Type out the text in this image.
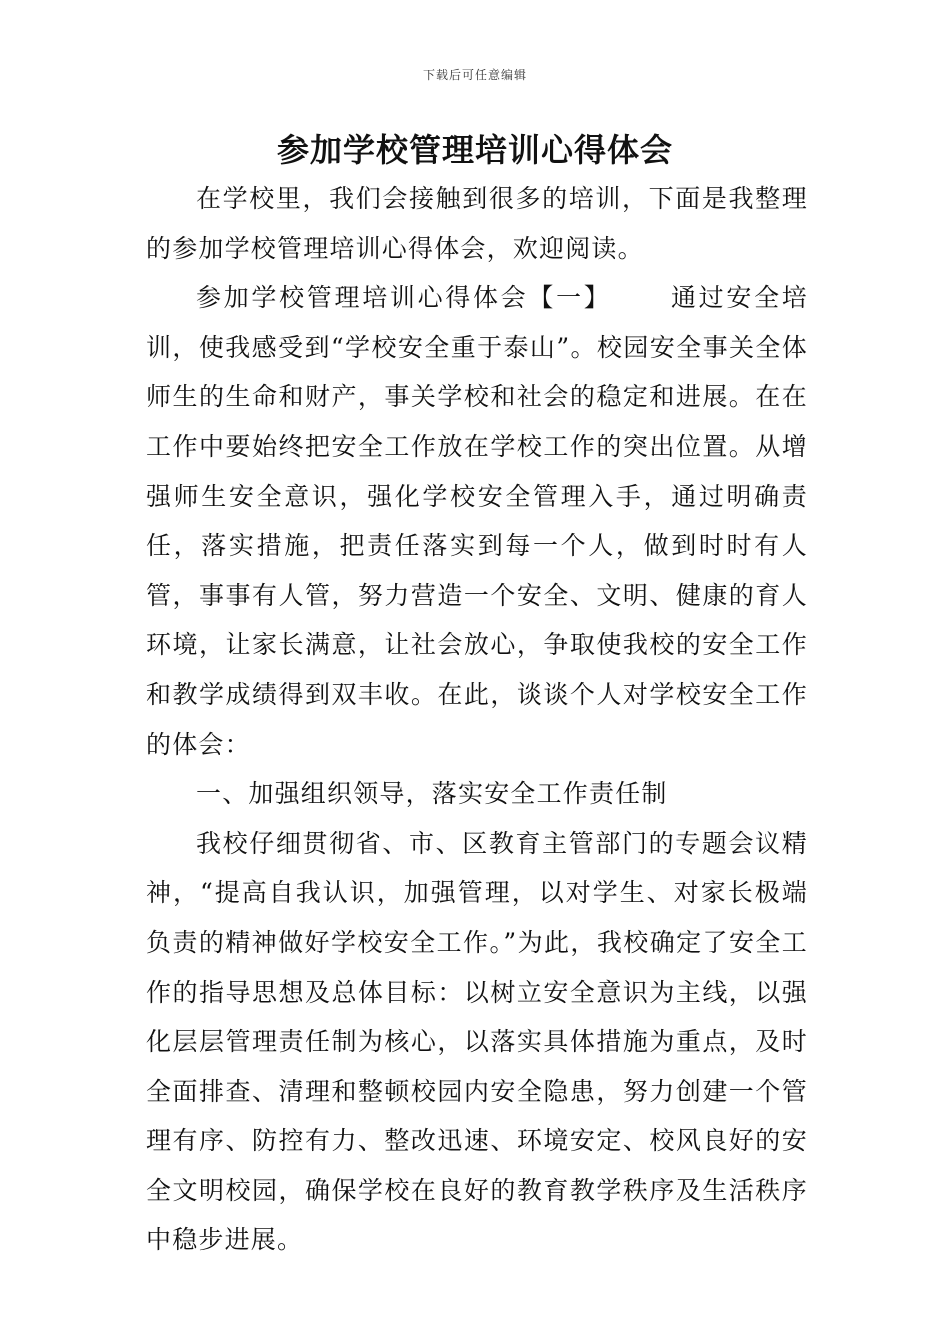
下载后可任意编辑
参加学校管理培训心得体会

在学校里，我们会接触到很多的培训，下面是我整理的参加学校管理培训心得体会，欢迎阅读。

参加学校管理培训心得体会【一】 通过安全培训，使我感受到“学校安全重于泰山”。校园安全事关全体师生的生命和财产，事关学校和社会的稳定和进展。在在工作中要始终把安全工作放在学校工作的突出位置。从增强师生安全意识，强化学校安全管理入手，通过明确责任，落实措施，把责任落实到每一个人，做到时时有人管，事事有人管，努力营造一个安全、文明、健康的育人环境，让家长满意，让社会放心，争取使我校的安全工作和教学成绩得到双丰收。在此，谈谈个人对学校安全工作的体会：

一、加强组织领导，落实安全工作责任制

我校仔细贯彻省、市、区教育主管部门的专题会议精神，“提高自我认识，加强管理，以对学生、对家长极端负责的精神做好学校安全工作。”为此，我校确定了安全工作的指导思想及总体目标：以树立安全意识为主线，以强化层层管理责任制为核心，以落实具体措施为重点，及时全面排查、清理和整顿校园内安全隐患，努力创建一个管理有序、防控有力、整改迅速、环境安定、校风良好的安全文明校园，确保学校在良好的教育教学秩序及生活秩序中稳步进展。
